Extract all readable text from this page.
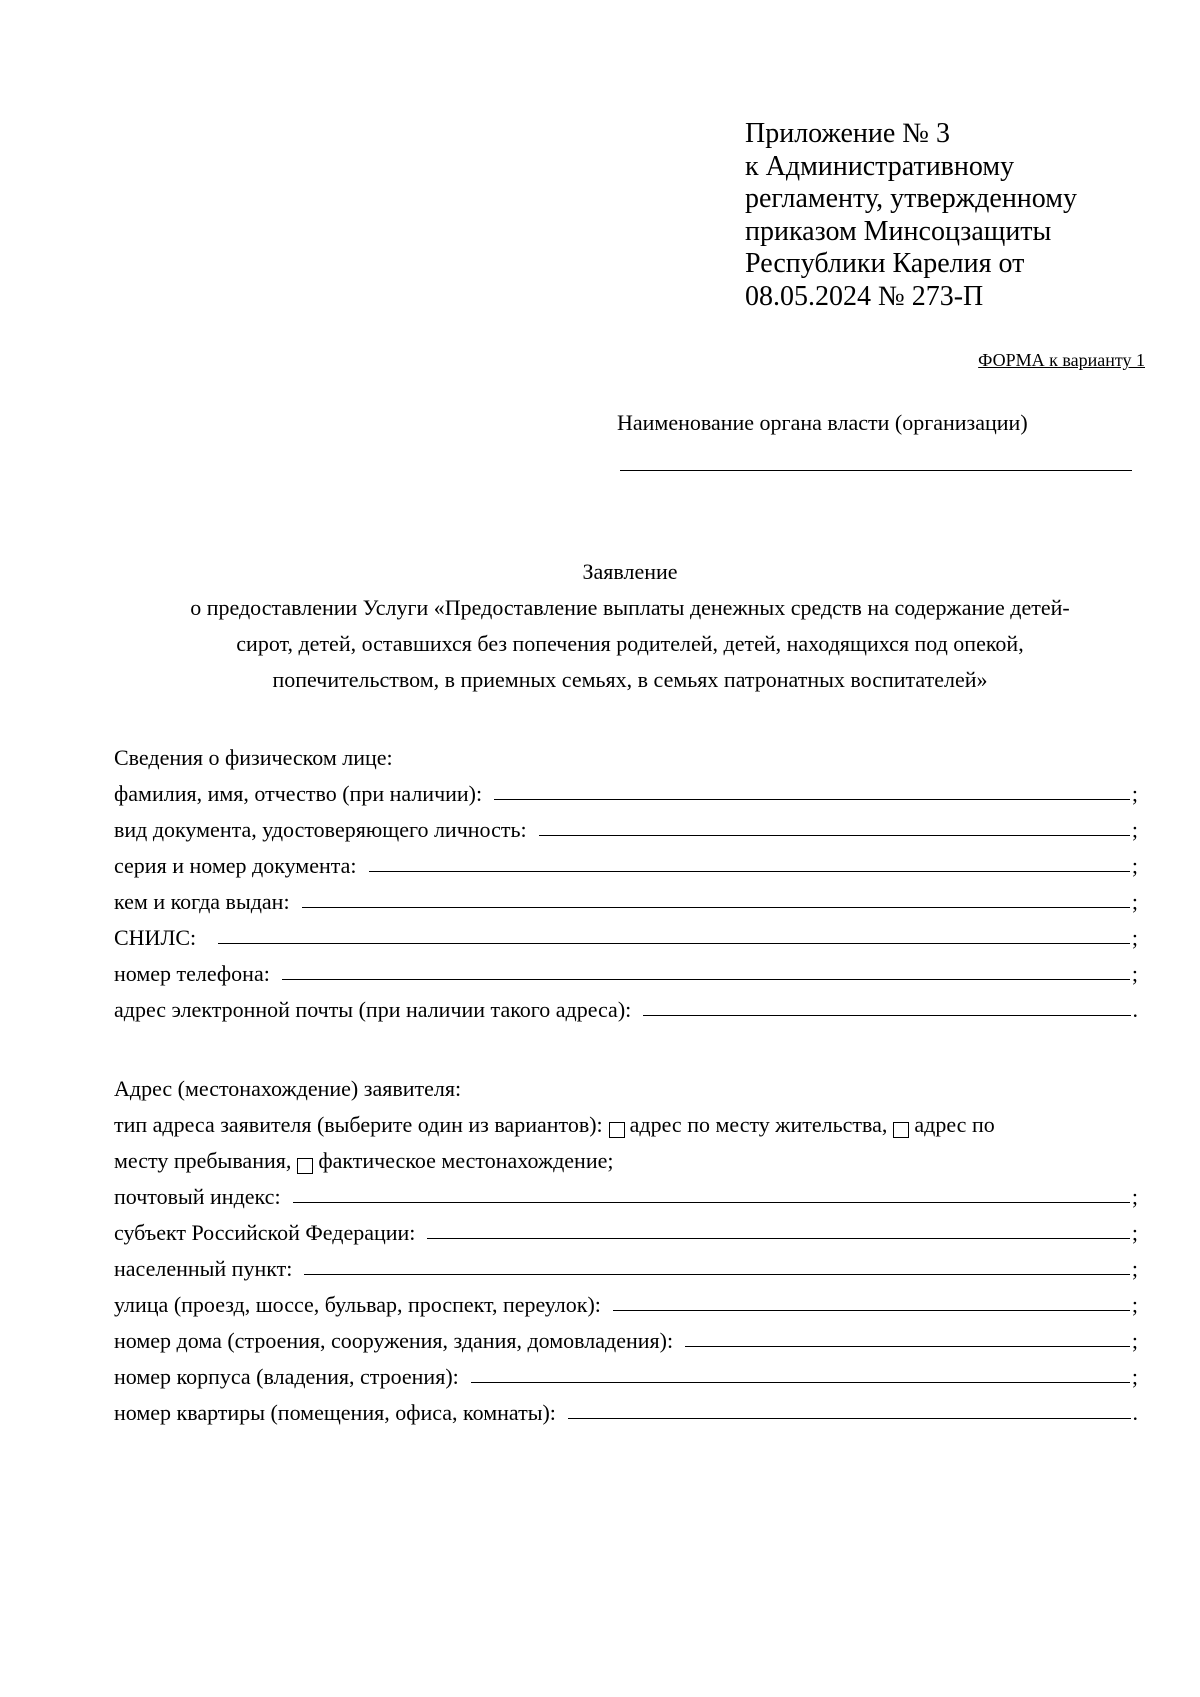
Приложение № 3
к Административному
регламенту, утвержденному
приказом Минсоцзащиты
Республики Карелия от
08.05.2024 № 273-П
ФОРМА к варианту 1
Наименование органа власти (организации)
Заявление
о предоставлении Услуги «Предоставление выплаты денежных средств на содержание детей-
сирот, детей, оставшихся без попечения родителей, детей, находящихся под опекой,
попечительством, в приемных семьях, в семьях патронатных воспитателей»
Сведения о физическом лице:
фамилия, имя, отчество (при наличии):	;
вид документа, удостоверяющего личность:	;
серия и номер документа:	;
кем и когда выдан:	;
СНИЛС:	;
номер телефона:	;
адрес электронной почты (при наличии такого адреса):	.
Адрес (местонахождение) заявителя:
тип адреса заявителя (выберите один из вариантов): адрес по месту жительства, адрес по
месту пребывания, фактическое местонахождение;
почтовый индекс:	;
субъект Российской Федерации:	;
населенный пункт:	;
улица (проезд, шоссе, бульвар, проспект, переулок):	;
номер дома (строения, сооружения, здания, домовладения):	;
номер корпуса (владения, строения):	;
номер квартиры (помещения, офиса, комнаты):	.
